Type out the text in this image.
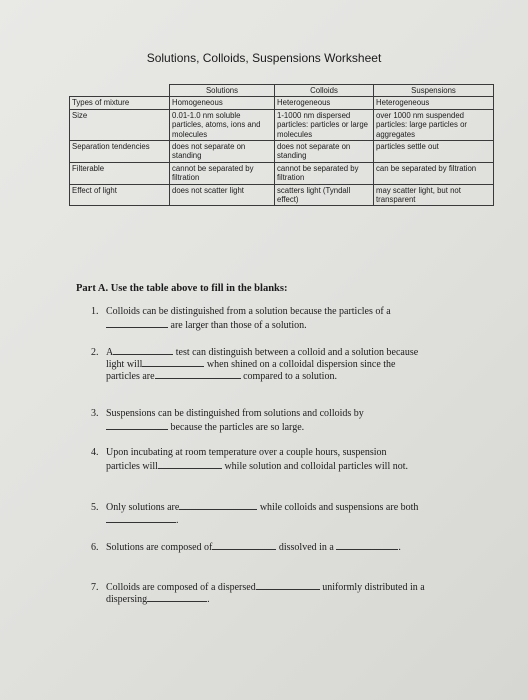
Solutions, Colloids, Suspensions Worksheet
	Solutions	Colloids	Suspensions
Types of mixture	Homogeneous	Heterogeneous	Heterogeneous
Size	0.01-1.0 nm soluble particles, atoms, ions and molecules	1-1000 nm dispersed particles: particles or large molecules	over 1000 nm suspended particles: large particles or aggregates
Separation tendencies	does not separate on standing	does not separate on standing	particles settle out
Filterable	cannot be separated by filtration	cannot be separated by filtration	can be separated by filtration
Effect of light	does not scatter light	scatters light (Tyndall effect)	may scatter light, but not transparent
Part A. Use the table above to fill in the blanks:
1. Colloids can be distinguished from a solution because the particles of a
are larger than those of a solution.
2. A	test can distinguish between a colloid and a solution because
light will	when shined on a colloidal dispersion since the
particles are	compared to a solution.
3. Suspensions can be distinguished from solutions and colloids by
because the particles are so large.
4. Upon incubating at room temperature over a couple hours, suspension
particles will	while solution and colloidal particles will not.
5. Only solutions are	while colloids and suspensions are both
.
6. Solutions are composed of	dissolved in a	.
7. Colloids are composed of a dispersed	uniformly distributed in a
dispersing	.
